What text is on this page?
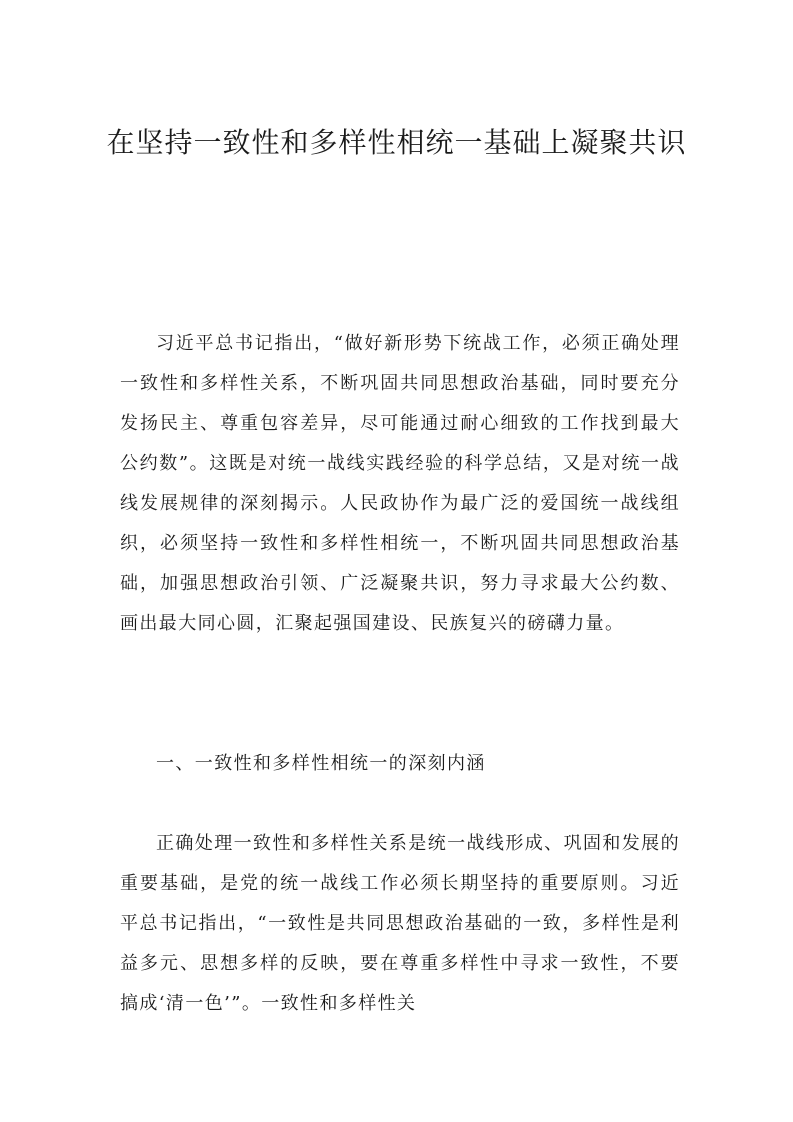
在坚持一致性和多样性相统一基础上凝聚共识

习近平总书记指出，“做好新形势下统战工作，必须正确处理一致性和多样性关系，不断巩固共同思想政治基础，同时要充分发扬民主、尊重包容差异，尽可能通过耐心细致的工作找到最大公约数”。这既是对统一战线实践经验的科学总结，又是对统一战线发展规律的深刻揭示。人民政协作为最广泛的爱国统一战线组织，必须坚持一致性和多样性相统一，不断巩固共同思想政治基础，加强思想政治引领、广泛凝聚共识，努力寻求最大公约数、画出最大同心圆，汇聚起强国建设、民族复兴的磅礴力量。

一、一致性和多样性相统一的深刻内涵

正确处理一致性和多样性关系是统一战线形成、巩固和发展的重要基础，是党的统一战线工作必须长期坚持的重要原则。习近平总书记指出，“一致性是共同思想政治基础的一致，多样性是利益多元、思想多样的反映，要在尊重多样性中寻求一致性，不要搞成‘清一色’”。一致性和多样性关
